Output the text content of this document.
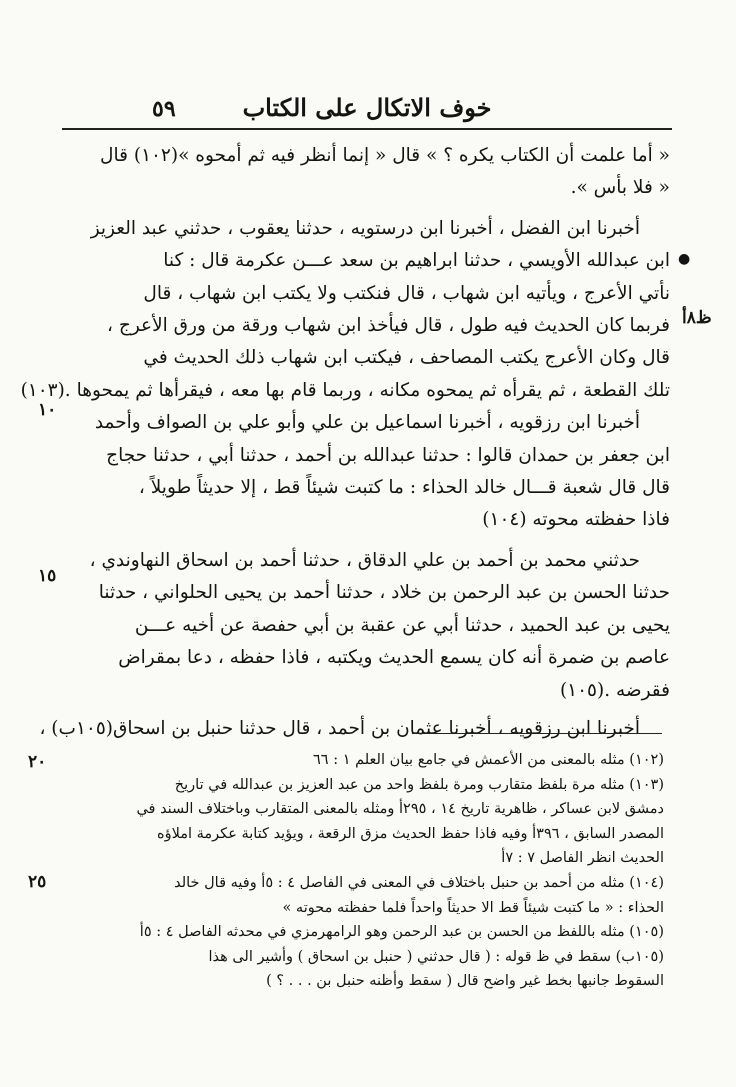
خوف الاتكال على الكتاب
٥٩
« أما علمت أن الكتاب يكره ؟ » قال « إنما أنظر فيه ثم أمحوه »(١٠٢) قال
« فلا بأس ».
أخبرنا ابن الفضل ، أخبرنا ابن درستويه ، حدثنا يعقوب ، حدثني عبد العزيز
ابن عبدالله الأويسي ، حدثنا ابراهيم بن سعد عـــن عكرمة قال : كنا
نأتي الأعرج ، ويأتيه ابن شهاب ، قال فنكتب ولا يكتب ابن شهاب ، قال
فربما كان الحديث فيه طول ، قال فيأخذ ابن شهاب ورقة من ورق الأعرج ،
قال وكان الأعرج يكتب المصاحف ، فيكتب ابن شهاب ذلك الحديث في
تلك القطعة ، ثم يقرأه ثم يمحوه مكانه ، وربما قام بها معه ، فيقرأها ثم يمحوها .(١٠٣)
أخبرنا ابن رزقويه ، أخبرنا اسماعيل بن علي وأبو علي بن الصواف وأحمد
ابن جعفر بن حمدان قالوا : حدثنا عبدالله بن أحمد ، حدثنا أبي ، حدثنا حجاج
قال قال شعبة قـــال خالد الحذاء : ما كتبت شيئاً قط ، إلا حديثاً طويلاً ،
فاذا حفظته محوته (١٠٤)
حدثني محمد بن أحمد بن علي الدقاق ، حدثنا أحمد بن اسحاق النهاوندي ،
حدثنا الحسن بن عبد الرحمن بن خلاد ، حدثنا أحمد بن يحيى الحلواني ، حدثنا
يحيى بن عبد الحميد ، حدثنا أبي عن عقبة بن أبي حفصة عن أخيه عـــن
عاصم بن ضمرة أنه كان يسمع الحديث ويكتبه ، فاذا حفظه ، دعا بمقراض
فقرضه .(١٠٥)
أخبرنا ابن رزقويه ، أخبرنا عثمان بن أحمد ، قال حدثنا حنبل بن اسحاق(١٠٥ب) ،
١٠
١٥
ظ٨أ
●
(١٠٢) مثله بالمعنى من الأعمش في جامع بيان العلم ١ : ٦٦
(١٠٣) مثله مرة بلفظ متقارب ومرة بلفظ واحد من عبد العزيز بن عبدالله في تاريخ
دمشق لابن عساكر ، ظاهرية تاريخ ١٤ ، ٢٩٥أ ومثله بالمعنى المتقارب وباختلاف السند في
المصدر السابق ، ٣٩٦أ وفيه فاذا حفظ الحديث مزق الرقعة ، ويؤيد كتابة عكرمة املاؤه
الحديث انظر الفاصل ٧ : ٧أ
(١٠٤) مثله من أحمد بن حنبل باختلاف في المعنى في الفاصل ٤ : ٥أ وفيه قال خالد
الحذاء : « ما كتبت شيئاً قط الا حديثاً واحداً فلما حفظته محوته »
(١٠٥) مثله باللفظ من الحسن بن عبد الرحمن وهو الرامهرمزي في محدثه الفاصل ٤ : ٥أ
(١٠٥ب) سقط في ظ قوله : ( قال حدثني ( حنبل بن اسحاق ) وأشير الى هذا
السقوط جانبها بخط غير واضح قال ( سقط وأظنه حنبل بن . . . ؟ )
٢٠
٢٥
